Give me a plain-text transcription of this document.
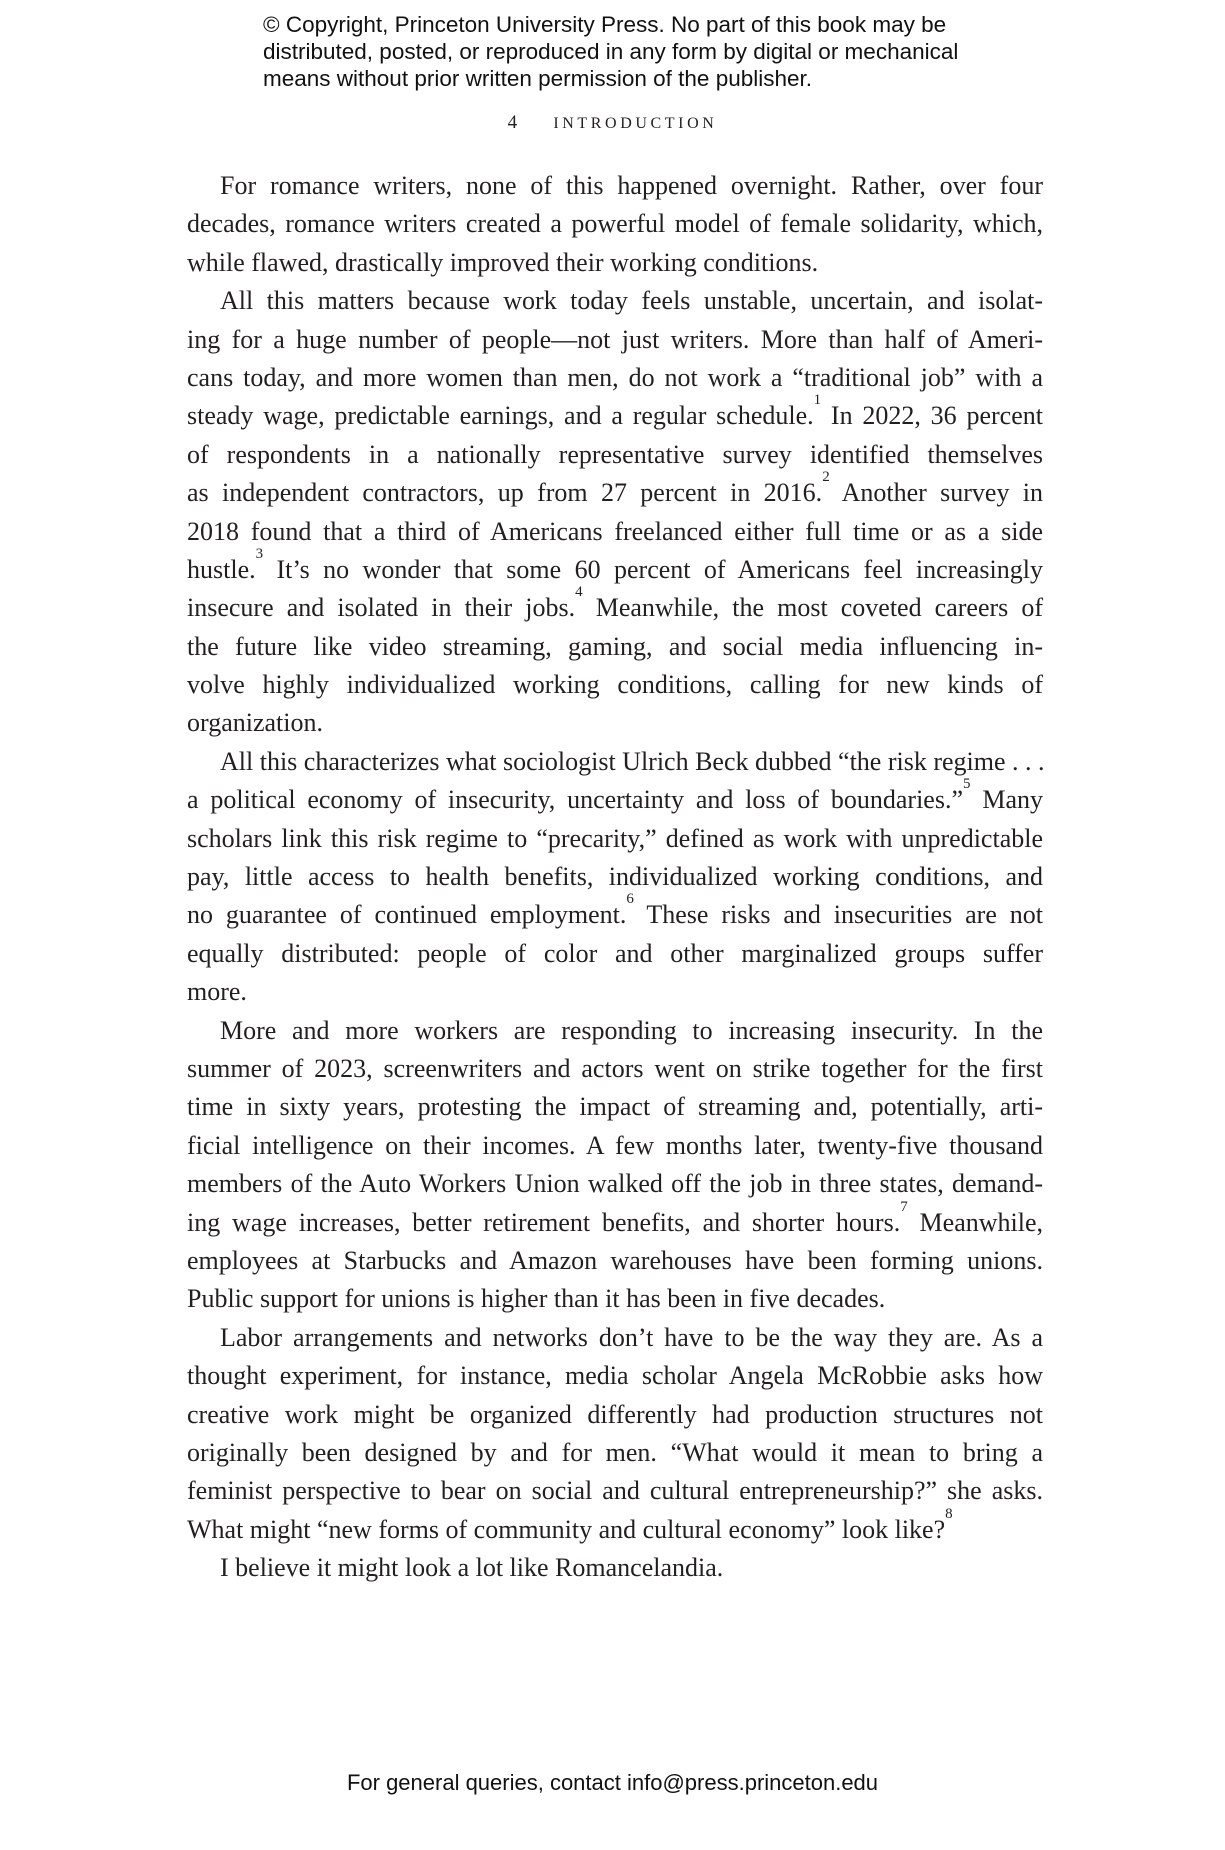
© Copyright, Princeton University Press. No part of this book may be
distributed, posted, or reproduced in any form by digital or mechanical
means without prior written permission of the publisher.
4 INTRODUCTION
For romance writers, none of this happened overnight. Rather, over four
decades, romance writers created a powerful model of female solidarity, which,
while flawed, drastically improved their working conditions.
All this matters because work today feels unstable, uncertain, and isolat-
ing for a huge number of people—not just writers. More than half of Ameri-
cans today, and more women than men, do not work a “traditional job” with a
steady wage, predictable earnings, and a regular schedule.$^1$ In 2022, 36 percent
of respondents in a nationally representative survey identified themselves
as independent contractors, up from 27 percent in 2016.$^2$ Another survey in
2018 found that a third of Americans freelanced either full time or as a side
hustle.$^3$ It’s no wonder that some 60 percent of Americans feel increasingly
insecure and isolated in their jobs.$^4$ Meanwhile, the most coveted careers of
the future like video streaming, gaming, and social media influencing in-
volve highly individualized working conditions, calling for new kinds of
organization.
All this characterizes what sociologist Ulrich Beck dubbed “the risk regime . . .
a political economy of insecurity, uncertainty and loss of boundaries.”$^5$ Many
scholars link this risk regime to “precarity,” defined as work with unpredictable
pay, little access to health benefits, individualized working conditions, and
no guarantee of continued employment.$^6$ These risks and insecurities are not
equally distributed: people of color and other marginalized groups suffer
more.
More and more workers are responding to increasing insecurity. In the
summer of 2023, screenwriters and actors went on strike together for the first
time in sixty years, protesting the impact of streaming and, potentially, arti-
ficial intelligence on their incomes. A few months later, twenty-five thousand
members of the Auto Workers Union walked off the job in three states, demand-
ing wage increases, better retirement benefits, and shorter hours.$^7$ Meanwhile,
employees at Starbucks and Amazon warehouses have been forming unions.
Public support for unions is higher than it has been in five decades.
Labor arrangements and networks don’t have to be the way they are. As a
thought experiment, for instance, media scholar Angela McRobbie asks how
creative work might be organized differently had production structures not
originally been designed by and for men. “What would it mean to bring a
feminist perspective to bear on social and cultural entrepreneurship?” she asks.
What might “new forms of community and cultural economy” look like?$^8$
I believe it might look a lot like Romancelandia.
For general queries, contact info@press.princeton.edu
